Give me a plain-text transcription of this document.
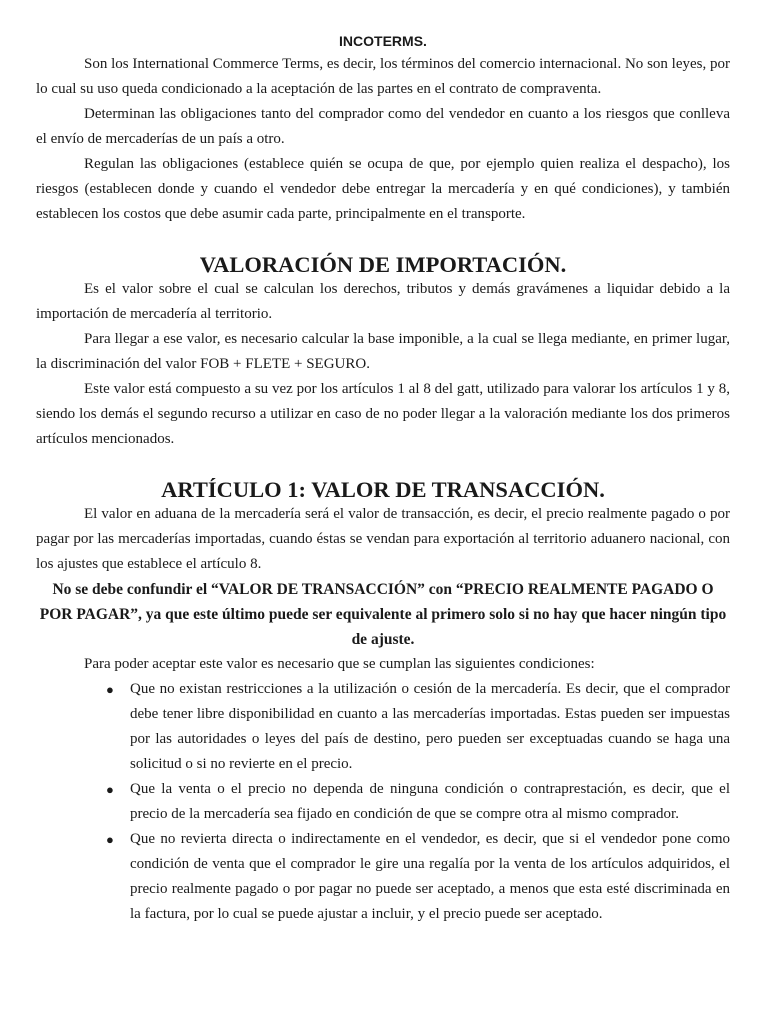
INCOTERMS.

Son los International Commerce Terms, es decir, los términos del comercio internacional. No son leyes, por lo cual su uso queda condicionado a la aceptación de las partes en el contrato de compraventa.

Determinan las obligaciones tanto del comprador como del vendedor en cuanto a los riesgos que conlleva el envío de mercaderías de un país a otro.

Regulan las obligaciones (establece quién se ocupa de que, por ejemplo quien realiza el despacho), los riesgos (establecen donde y cuando el vendedor debe entregar la mercadería y en qué condiciones), y también establecen los costos que debe asumir cada parte, principalmente en el transporte.

VALORACIÓN DE IMPORTACIÓN.

Es el valor sobre el cual se calculan los derechos, tributos y demás gravámenes a liquidar debido a la importación de mercadería al territorio.

Para llegar a ese valor, es necesario calcular la base imponible, a la cual se llega mediante, en primer lugar, la discriminación del valor FOB + FLETE + SEGURO.

Este valor está compuesto a su vez por los artículos 1 al 8 del gatt, utilizado para valorar los artículos 1 y 8, siendo los demás el segundo recurso a utilizar en caso de no poder llegar a la valoración mediante los dos primeros artículos mencionados.

ARTÍCULO 1: VALOR DE TRANSACCIÓN.

El valor en aduana de la mercadería será el valor de transacción, es decir, el precio realmente pagado o por pagar por las mercaderías importadas, cuando éstas se vendan para exportación al territorio aduanero nacional, con los ajustes que establece el artículo 8.

No se debe confundir el “VALOR DE TRANSACCIÓN” con “PRECIO REALMENTE PAGADO O POR PAGAR”, ya que este último puede ser equivalente al primero solo si no hay que hacer ningún tipo de ajuste.

Para poder aceptar este valor es necesario que se cumplan las siguientes condiciones:

● Que no existan restricciones a la utilización o cesión de la mercadería. Es decir, que el comprador debe tener libre disponibilidad en cuanto a las mercaderías importadas. Estas pueden ser impuestas por las autoridades o leyes del país de destino, pero pueden ser exceptuadas cuando se haga una solicitud o si no revierte en el precio.
● Que la venta o el precio no dependa de ninguna condición o contraprestación, es decir, que el precio de la mercadería sea fijado en condición de que se compre otra al mismo comprador.
● Que no revierta directa o indirectamente en el vendedor, es decir, que si el vendedor pone como condición de venta que el comprador le gire una regalía por la venta de los artículos adquiridos, el precio realmente pagado o por pagar no puede ser aceptado, a menos que esta esté discriminada en la factura, por lo cual se puede ajustar a incluir, y el precio puede ser aceptado.
